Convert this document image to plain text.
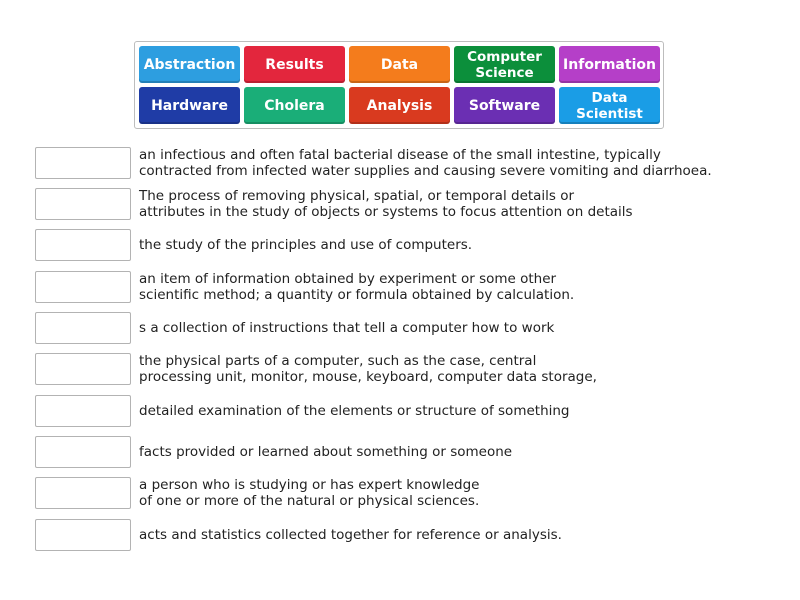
Abstraction	Results	Data	Computer
Science	Information
Hardware	Cholera	Analysis	Software	Data
Scientist
an infectious and often fatal bacterial disease of the small intestine, typically
contracted from infected water supplies and causing severe vomiting and diarrhoea.
The process of removing physical, spatial, or temporal details or
attributes in the study of objects or systems to focus attention on details
the study of the principles and use of computers.
an item of information obtained by experiment or some other
scientific method; a quantity or formula obtained by calculation.
s a collection of instructions that tell a computer how to work
the physical parts of a computer, such as the case, central
processing unit, monitor, mouse, keyboard, computer data storage,
detailed examination of the elements or structure of something
facts provided or learned about something or someone
a person who is studying or has expert knowledge
of one or more of the natural or physical sciences.
acts and statistics collected together for reference or analysis.
